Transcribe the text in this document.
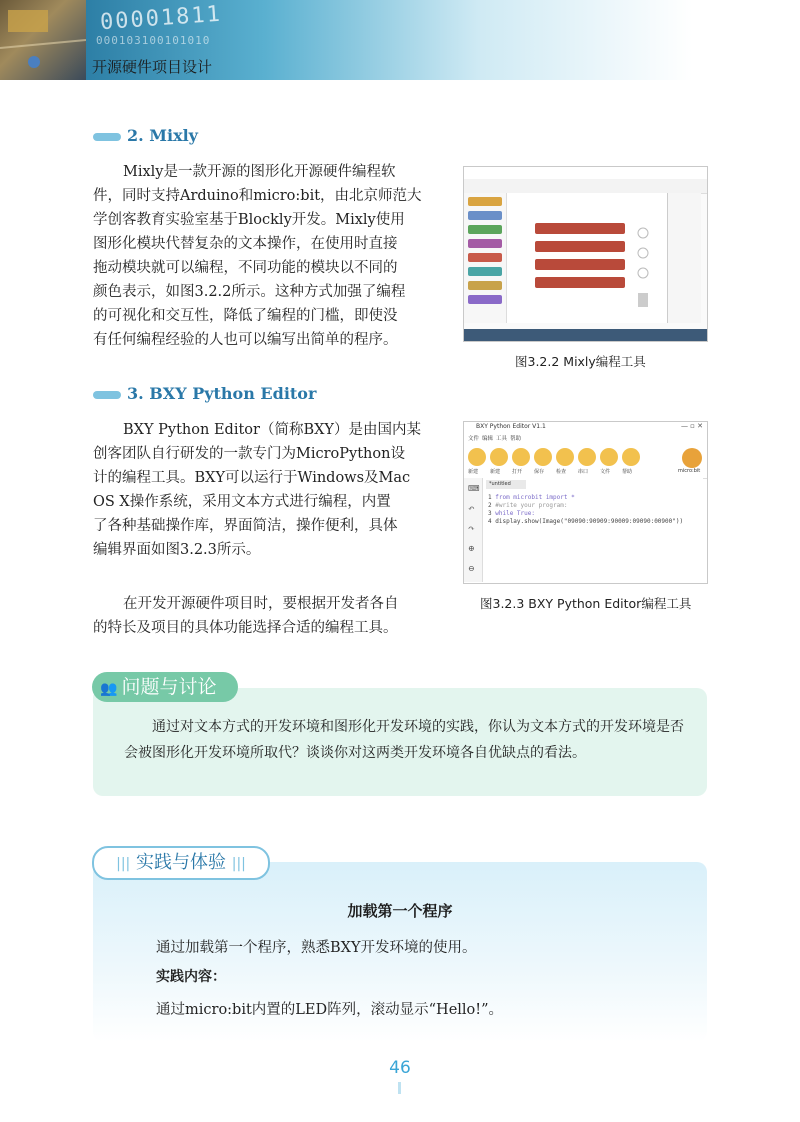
00001811
000103100101010
开源硬件项目设计
2. Mixly
Mixly是一款开源的图形化开源硬件编程软
件，同时支持Arduino和micro:bit，由北京师范大
学创客教育实验室基于Blockly开发。Mixly使用
图形化模块代替复杂的文本操作，在使用时直接
拖动模块就可以编程，不同功能的模块以不同的
颜色表示，如图3.2.2所示。这种方式加强了编程
的可视化和交互性，降低了编程的门槛，即使没
有任何编程经验的人也可以编写出简单的程序。
图3.2.2 Mixly编程工具
3. BXY Python Editor
BXY Python Editor（简称BXY）是由国内某
创客团队自行研发的一款专门为MicroPython设
计的编程工具。BXY可以运行于Windows及Mac
OS X操作系统，采用文本方式进行编程，内置
了各种基础操作库，界面简洁，操作便利，具体
编辑界面如图3.2.3所示。
在开发开源硬件项目时，要根据开发者各自
的特长及项目的具体功能选择合适的编程工具。
BXY Python Editor V1.1	— ▫ ✕
文件 编辑 工具 帮助
新建 新建 打开 保存 检查 串口 文件 帮助	micro:bit
⌨
↶
↷
⊕
⊖
*untitled
1 from microbit import *
2 #write your program:
3 while True:
4 display.show(Image("09090:90909:90009:09090:00900"))
图3.2.3 BXY Python Editor编程工具
👥 问题与讨论
通过对文本方式的开发环境和图形化开发环境的实践，你认为文本方式的开发环境是否会被图形化开发环境所取代？谈谈你对这两类开发环境各自优缺点的看法。
||| 实践与体验 |||
加载第一个程序
通过加载第一个程序，熟悉BXY开发环境的使用。
实践内容：
通过micro:bit内置的LED阵列，滚动显示“Hello!”。
46
